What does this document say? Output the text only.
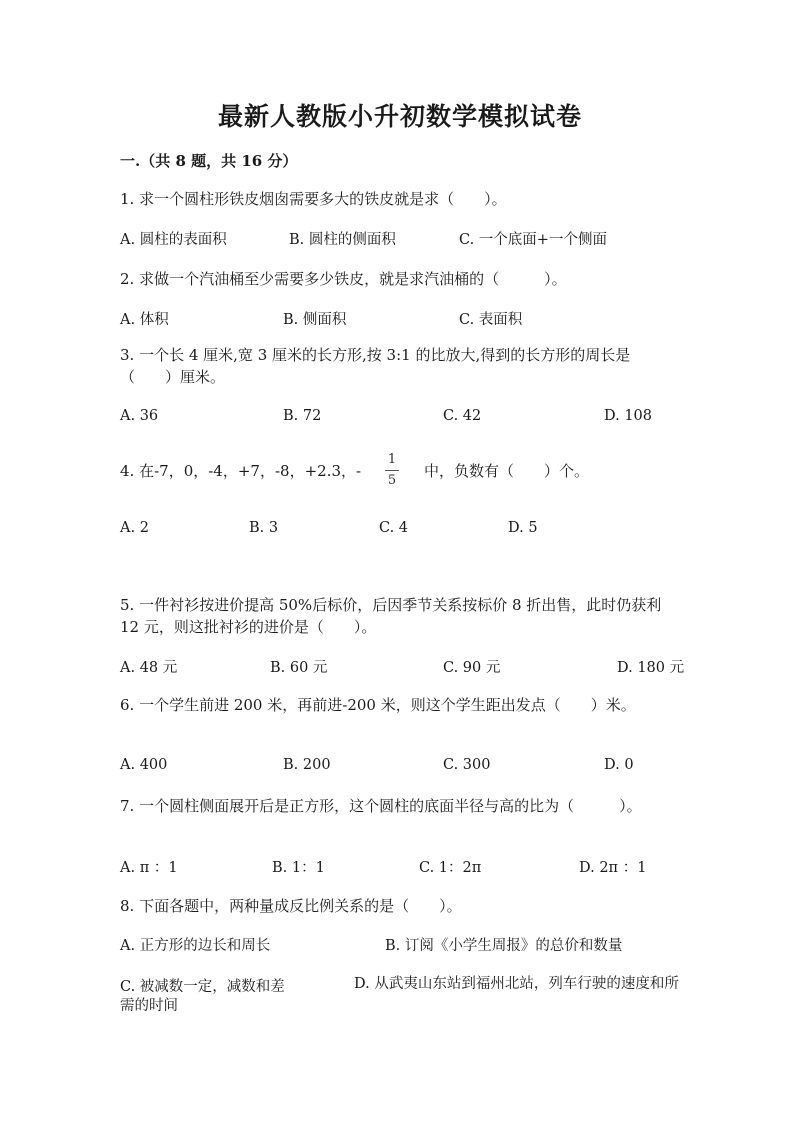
最新人教版小升初数学模拟试卷
一.（共 8 题，共 16 分）
1. 求一个圆柱形铁皮烟囱需要多大的铁皮就是求（　　）。
A. 圆柱的表面积	B. 圆柱的侧面积	C. 一个底面+一个侧面
2. 求做一个汽油桶至少需要多少铁皮，就是求汽油桶的（　　　）。
A. 体积	B. 侧面积	C. 表面积
3. 一个长 4 厘米,宽 3 厘米的长方形,按 3:1 的比放大,得到的长方形的周长是（　　）厘米。
A. 36	B. 72	C. 42	D. 108
4. 在-7，0，-4，+7，-8，+2.3，-
1
5
中，负数有（　　）个。
A. 2	B. 3	C. 4	D. 5
5. 一件衬衫按进价提高 50%后标价，后因季节关系按标价 8 折出售，此时仍获利 12 元，则这批衬衫的进价是（　　）。
A. 48 元	B. 60 元	C. 90 元	D. 180 元
6. 一个学生前进 200 米，再前进-200 米，则这个学生距出发点（　　）米。
A. 400	B. 200	C. 300	D. 0
7. 一个圆柱侧面展开后是正方形，这个圆柱的底面半径与高的比为（　　　）。
A. π ：1	B. 1：1	C. 1：2π	D. 2π ：1
8. 下面各题中，两种量成反比例关系的是（　　）。
A. 正方形的边长和周长	B. 订阅《小学生周报》的总价和数量
C. 被减数一定，减数和差	D. 从武夷山东站到福州北站，列车行驶的速度和所需的时间
